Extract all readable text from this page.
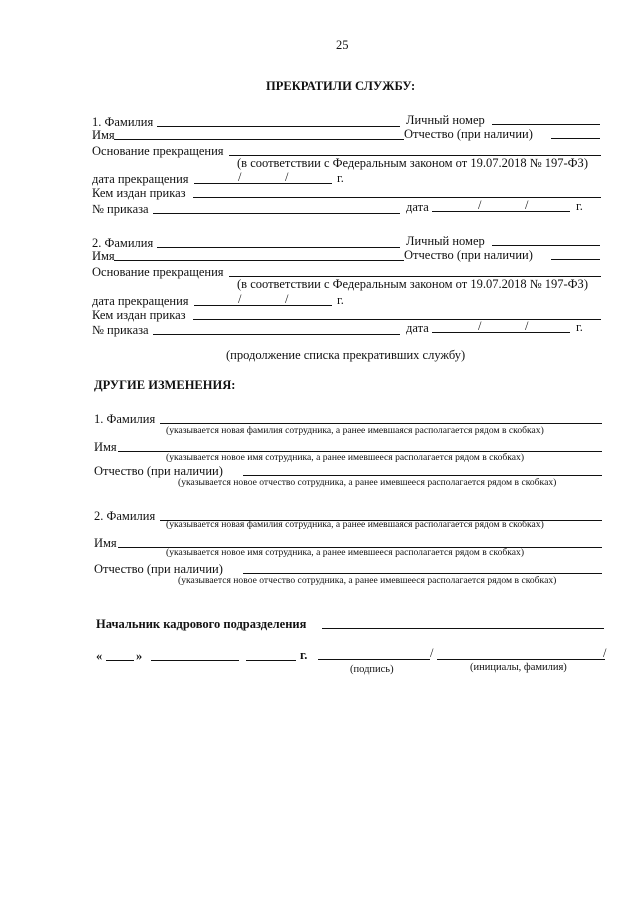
25
ПРЕКРАТИЛИ СЛУЖБУ:
1. Фамилия	Личный номер
Имя	Отчество (при наличии)
Основание прекращения
(в соответствии с Федеральным законом от 19.07.2018 № 197-ФЗ)
дата прекращения	/	/	г.
Кем издан приказ
№ приказа	дата	/	/	г.
2. Фамилия	Личный номер
Имя	Отчество (при наличии)
Основание прекращения
(в соответствии с Федеральным законом от 19.07.2018 № 197-ФЗ)
дата прекращения	/	/	г.
Кем издан приказ
№ приказа	дата	/	/	г.
(продолжение списка прекративших службу)
ДРУГИЕ ИЗМЕНЕНИЯ:
1. Фамилия
(указывается новая фамилия сотрудника, а ранее имевшаяся располагается рядом в скобках)
Имя
(указывается новое имя сотрудника, а ранее имевшееся располагается рядом в скобках)
Отчество (при наличии)
(указывается новое отчество сотрудника, а ранее имевшееся располагается рядом в скобках)
2. Фамилия
(указывается новая фамилия сотрудника, а ранее имевшаяся располагается рядом в скобках)
Имя
(указывается новое имя сотрудника, а ранее имевшееся располагается рядом в скобках)
Отчество (при наличии)
(указывается новое отчество сотрудника, а ранее имевшееся располагается рядом в скобках)
Начальник кадрового подразделения
«	»	г.	/	/
(подпись)	(инициалы, фамилия)
